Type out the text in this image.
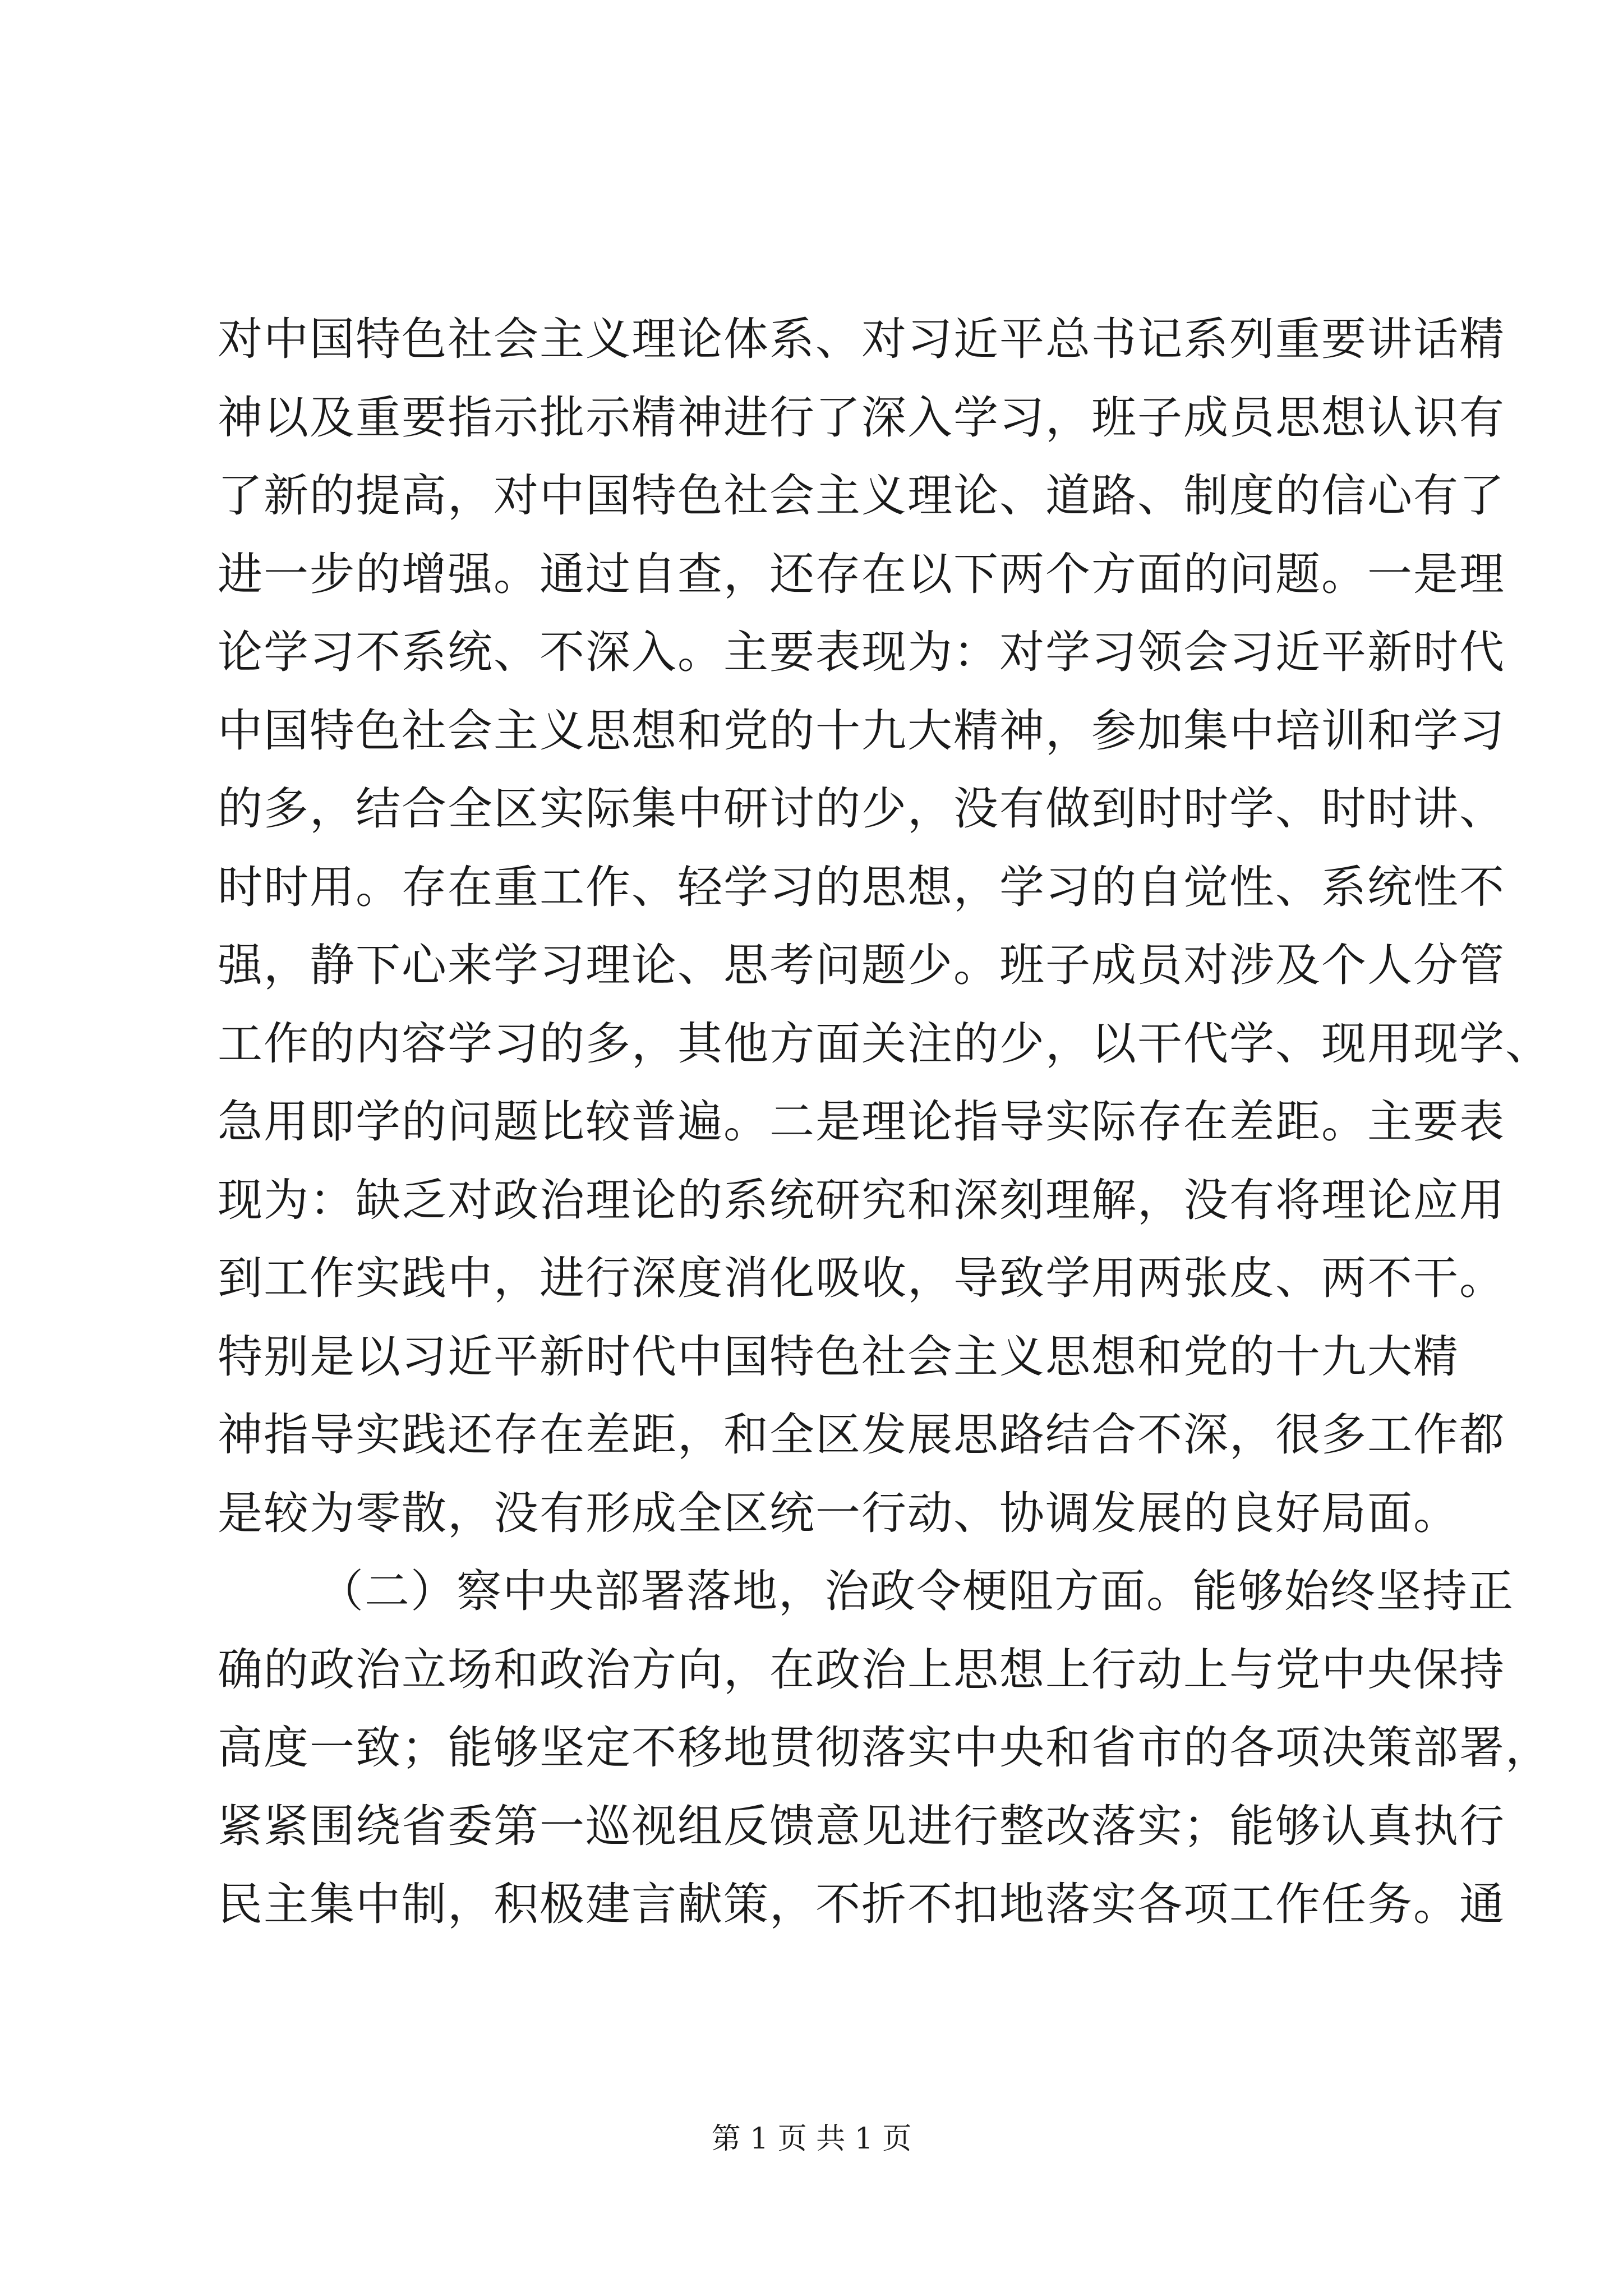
对中国特色社会主义理论体系、对习近平总书记系列重要讲话精
神以及重要指示批示精神进行了深入学习，班子成员思想认识有
了新的提高，对中国特色社会主义理论、道路、制度的信心有了
进一步的增强。通过自查，还存在以下两个方面的问题。一是理
论学习不系统、不深入。主要表现为：对学习领会习近平新时代
中国特色社会主义思想和党的十九大精神，参加集中培训和学习
的多，结合全区实际集中研讨的少，没有做到时时学、时时讲、
时时用。存在重工作、轻学习的思想，学习的自觉性、系统性不
强，静下心来学习理论、思考问题少。班子成员对涉及个人分管
工作的内容学习的多，其他方面关注的少，以干代学、现用现学、
急用即学的问题比较普遍。二是理论指导实际存在差距。主要表
现为：缺乏对政治理论的系统研究和深刻理解，没有将理论应用
到工作实践中，进行深度消化吸收，导致学用两张皮、两不干。
特别是以习近平新时代中国特色社会主义思想和党的十九大精
神指导实践还存在差距，和全区发展思路结合不深，很多工作都
是较为零散，没有形成全区统一行动、协调发展的良好局面。
（二）察中央部署落地，治政令梗阻方面。能够始终坚持正
确的政治立场和政治方向，在政治上思想上行动上与党中央保持
高度一致；能够坚定不移地贯彻落实中央和省市的各项决策部署，
紧紧围绕省委第一巡视组反馈意见进行整改落实；能够认真执行
民主集中制，积极建言献策，不折不扣地落实各项工作任务。通
第 1 页 共 1 页
